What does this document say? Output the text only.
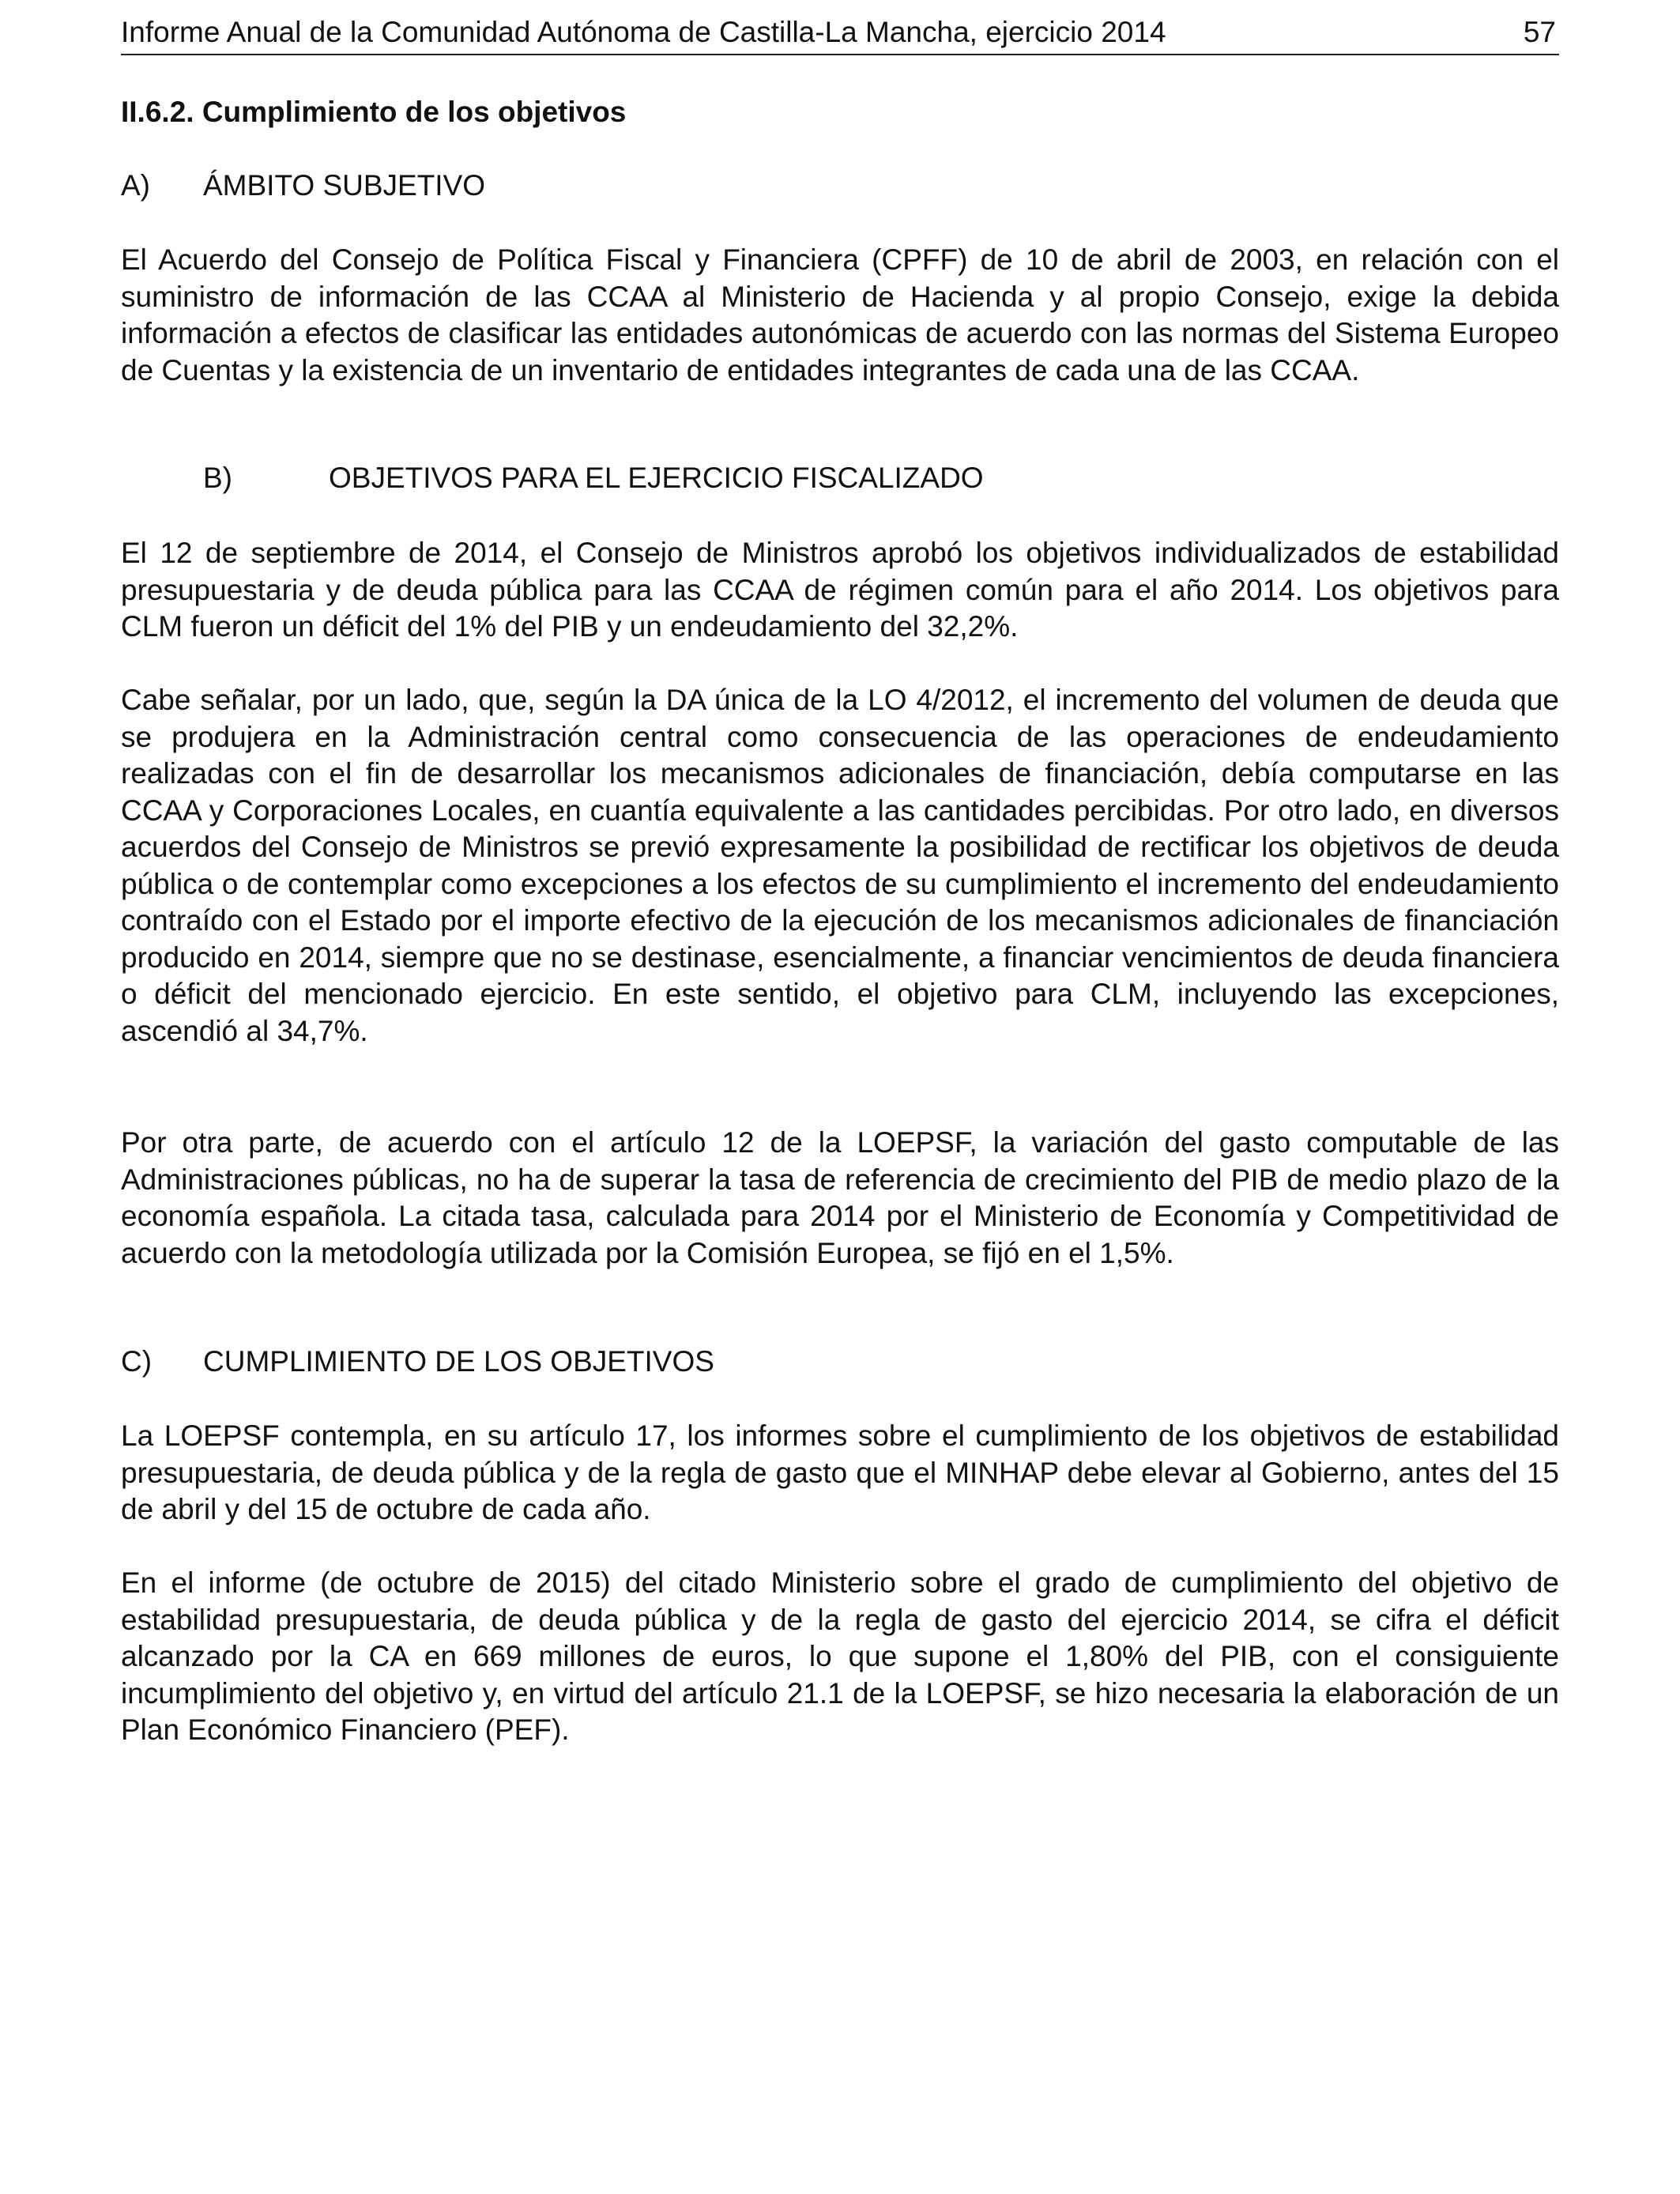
Informe Anual de la Comunidad Autónoma de Castilla-La Mancha, ejercicio 2014	57
II.6.2. Cumplimiento de los objetivos
A) ÁMBITO SUBJETIVO

El Acuerdo del Consejo de Política Fiscal y Financiera (CPFF) de 10 de abril de 2003, en relación con el suministro de información de las CCAA al Ministerio de Hacienda y al propio Consejo, exige la debida información a efectos de clasificar las entidades autonómicas de acuerdo con las normas del Sistema Europeo de Cuentas y la existencia de un inventario de entidades integrantes de cada una de las CCAA.

B)	OBJETIVOS PARA EL EJERCICIO FISCALIZADO

El 12 de septiembre de 2014, el Consejo de Ministros aprobó los objetivos individualizados de estabilidad presupuestaria y de deuda pública para las CCAA de régimen común para el año 2014. Los objetivos para CLM fueron un déficit del 1% del PIB y un endeudamiento del 32,2%.

Cabe señalar, por un lado, que, según la DA única de la LO 4/2012, el incremento del volumen de deuda que se produjera en la Administración central como consecuencia de las operaciones de endeudamiento realizadas con el fin de desarrollar los mecanismos adicionales de financiación, debía computarse en las CCAA y Corporaciones Locales, en cuantía equivalente a las cantidades percibidas. Por otro lado, en diversos acuerdos del Consejo de Ministros se previó expresamente la posibilidad de rectificar los objetivos de deuda pública o de contemplar como excepciones a los efectos de su cumplimiento el incremento del endeudamiento contraído con el Estado por el importe efectivo de la ejecución de los mecanismos adicionales de financiación producido en 2014, siempre que no se destinase, esencialmente, a financiar vencimientos de deuda financiera o déficit del mencionado ejercicio. En este sentido, el objetivo para CLM, incluyendo las excepciones, ascendió al 34,7%.

Por otra parte, de acuerdo con el artículo 12 de la LOEPSF, la variación del gasto computable de las Administraciones públicas, no ha de superar la tasa de referencia de crecimiento del PIB de medio plazo de la economía española. La citada tasa, calculada para 2014 por el Ministerio de Economía y Competitividad de acuerdo con la metodología utilizada por la Comisión Europea, se fijó en el 1,5%.

C) CUMPLIMIENTO DE LOS OBJETIVOS

La LOEPSF contempla, en su artículo 17, los informes sobre el cumplimiento de los objetivos de estabilidad presupuestaria, de deuda pública y de la regla de gasto que el MINHAP debe elevar al Gobierno, antes del 15 de abril y del 15 de octubre de cada año.

En el informe (de octubre de 2015) del citado Ministerio sobre el grado de cumplimiento del objetivo de estabilidad presupuestaria, de deuda pública y de la regla de gasto del ejercicio 2014, se cifra el déficit alcanzado por la CA en 669 millones de euros, lo que supone el 1,80% del PIB, con el consiguiente incumplimiento del objetivo y, en virtud del artículo 21.1 de la LOEPSF, se hizo necesaria la elaboración de un Plan Económico Financiero (PEF).
